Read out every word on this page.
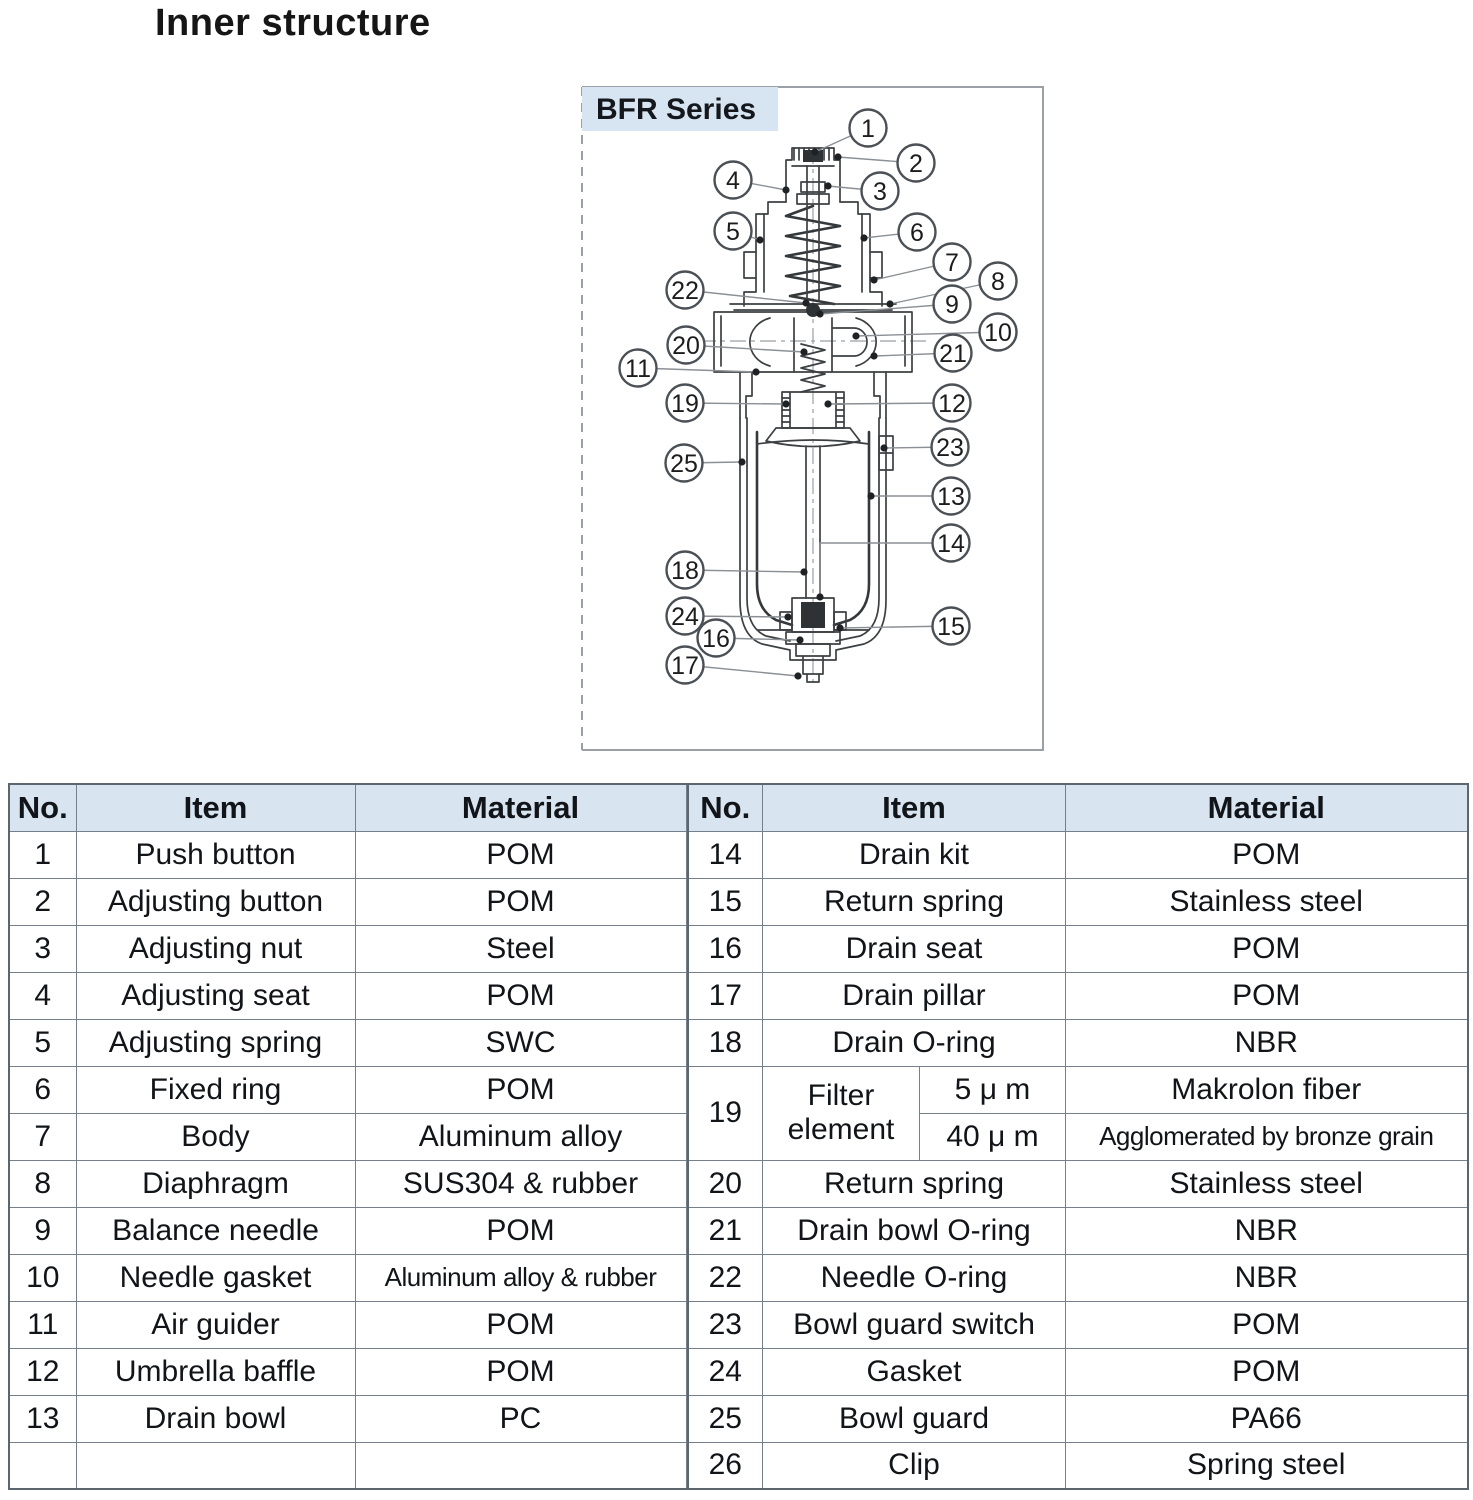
Inner structure
BFR Series
1
2
3
4
5	6
7
8
9
10
22
20	21
11
19	12
23
25
13
14
18
24
16	15
17
No.	Item	Material
1	Push button	POM
2	Adjusting button	POM
3	Adjusting nut	Steel
4	Adjusting seat	POM
5	Adjusting spring	SWC
6	Fixed ring	POM
7	Body	Aluminum alloy
8	Diaphragm	SUS304 & rubber
9	Balance needle	POM
10	Needle gasket	Aluminum alloy & rubber
11	Air guider	POM
12	Umbrella baffle	POM
13	Drain bowl	PC

No.	Item		Material
14	Drain kit		POM
15	Return spring		Stainless steel
16	Drain seat		POM
17	Drain pillar		POM
18	Drain O-ring		NBR
19	Filter element	5 μ m	Makrolon fiber
		40 μ m	Agglomerated by bronze grain
20	Return spring		Stainless steel
21	Drain bowl O-ring		NBR
22	Needle O-ring		NBR
23	Bowl guard switch		POM
24	Gasket		POM
25	Bowl guard		PA66
26	Clip		Spring steel
